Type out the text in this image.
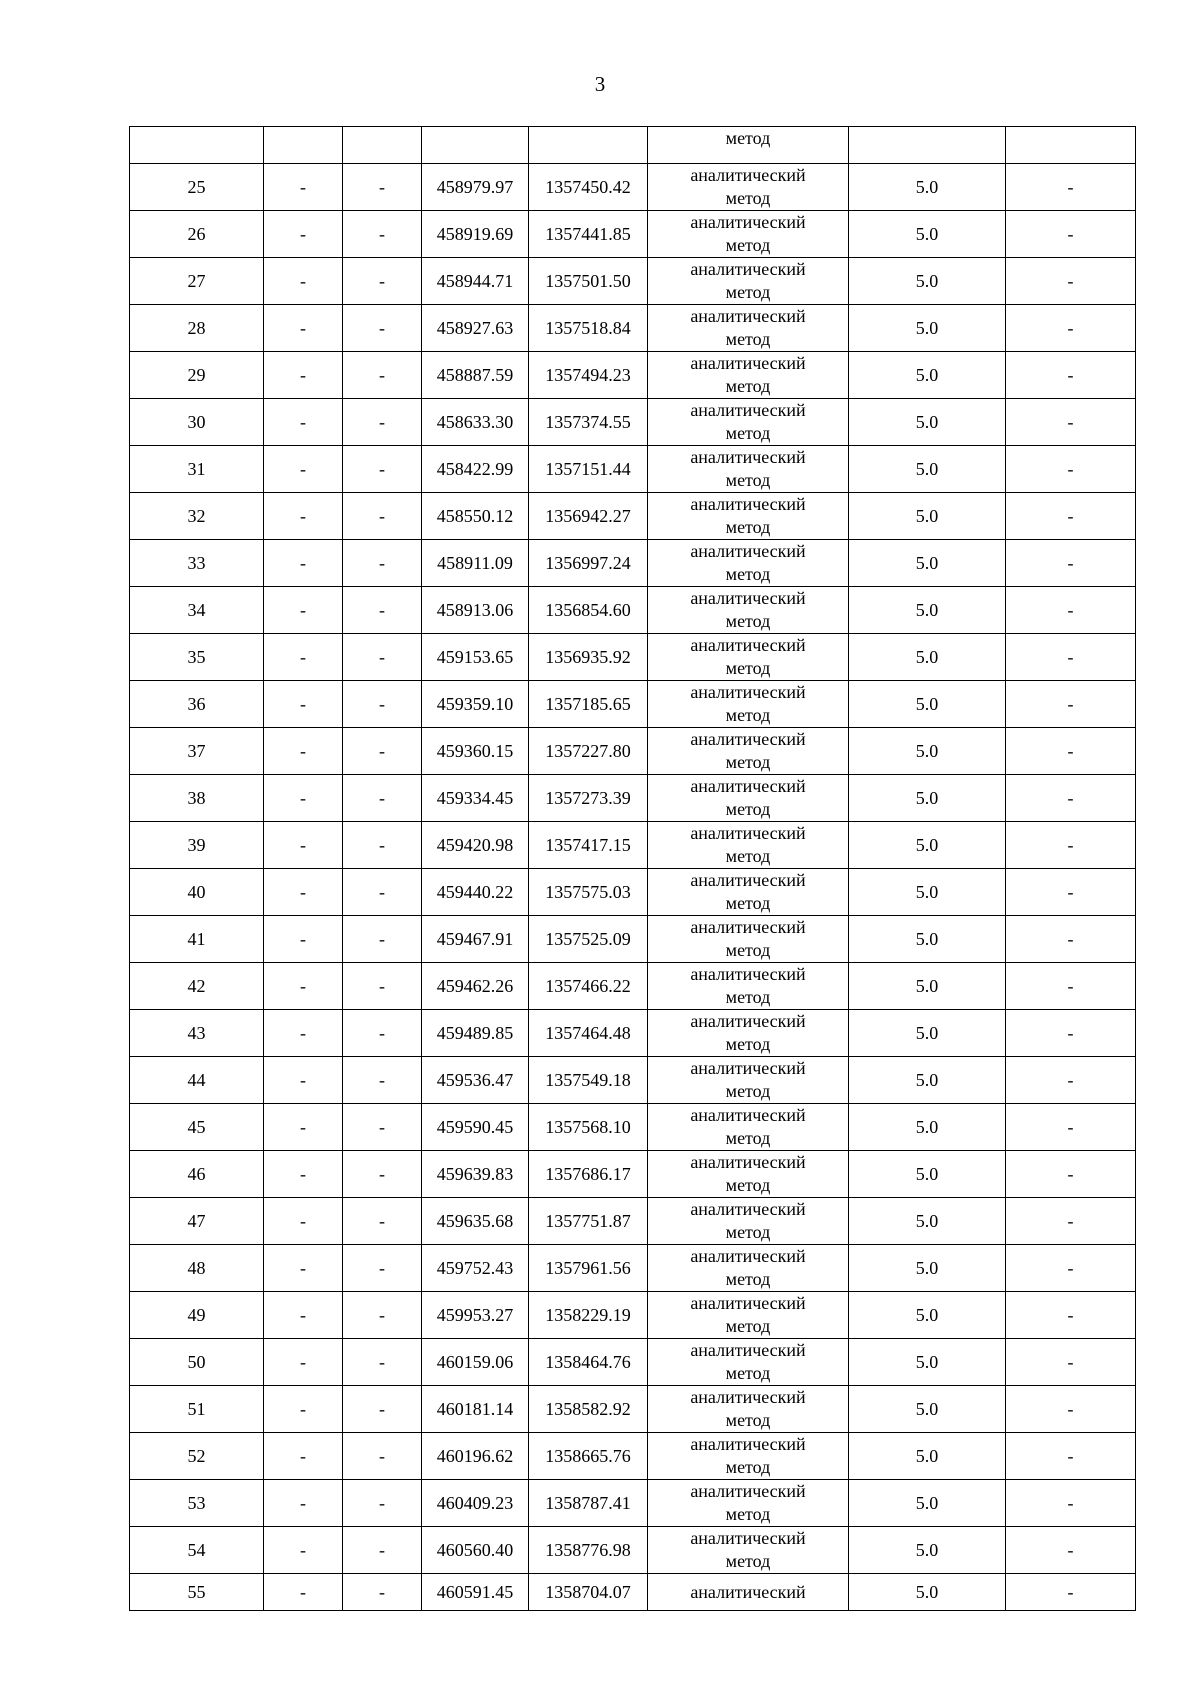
3

					метод		

25	-	-	458979.97	1357450.42	аналитический
метод	5.0	-
26	-	-	458919.69	1357441.85	аналитический
метод	5.0	-
27	-	-	458944.71	1357501.50	аналитический
метод	5.0	-
28	-	-	458927.63	1357518.84	аналитический
метод	5.0	-
29	-	-	458887.59	1357494.23	аналитический
метод	5.0	-
30	-	-	458633.30	1357374.55	аналитический
метод	5.0	-
31	-	-	458422.99	1357151.44	аналитический
метод	5.0	-
32	-	-	458550.12	1356942.27	аналитический
метод	5.0	-
33	-	-	458911.09	1356997.24	аналитический
метод	5.0	-
34	-	-	458913.06	1356854.60	аналитический
метод	5.0	-
35	-	-	459153.65	1356935.92	аналитический
метод	5.0	-
36	-	-	459359.10	1357185.65	аналитический
метод	5.0	-
37	-	-	459360.15	1357227.80	аналитический
метод	5.0	-
38	-	-	459334.45	1357273.39	аналитический
метод	5.0	-
39	-	-	459420.98	1357417.15	аналитический
метод	5.0	-
40	-	-	459440.22	1357575.03	аналитический
метод	5.0	-
41	-	-	459467.91	1357525.09	аналитический
метод	5.0	-
42	-	-	459462.26	1357466.22	аналитический
метод	5.0	-
43	-	-	459489.85	1357464.48	аналитический
метод	5.0	-
44	-	-	459536.47	1357549.18	аналитический
метод	5.0	-
45	-	-	459590.45	1357568.10	аналитический
метод	5.0	-
46	-	-	459639.83	1357686.17	аналитический
метод	5.0	-
47	-	-	459635.68	1357751.87	аналитический
метод	5.0	-
48	-	-	459752.43	1357961.56	аналитический
метод	5.0	-
49	-	-	459953.27	1358229.19	аналитический
метод	5.0	-
50	-	-	460159.06	1358464.76	аналитический
метод	5.0	-
51	-	-	460181.14	1358582.92	аналитический
метод	5.0	-
52	-	-	460196.62	1358665.76	аналитический
метод	5.0	-
53	-	-	460409.23	1358787.41	аналитический
метод	5.0	-
54	-	-	460560.40	1358776.98	аналитический
метод	5.0	-
55	-	-	460591.45	1358704.07	аналитический	5.0	-
